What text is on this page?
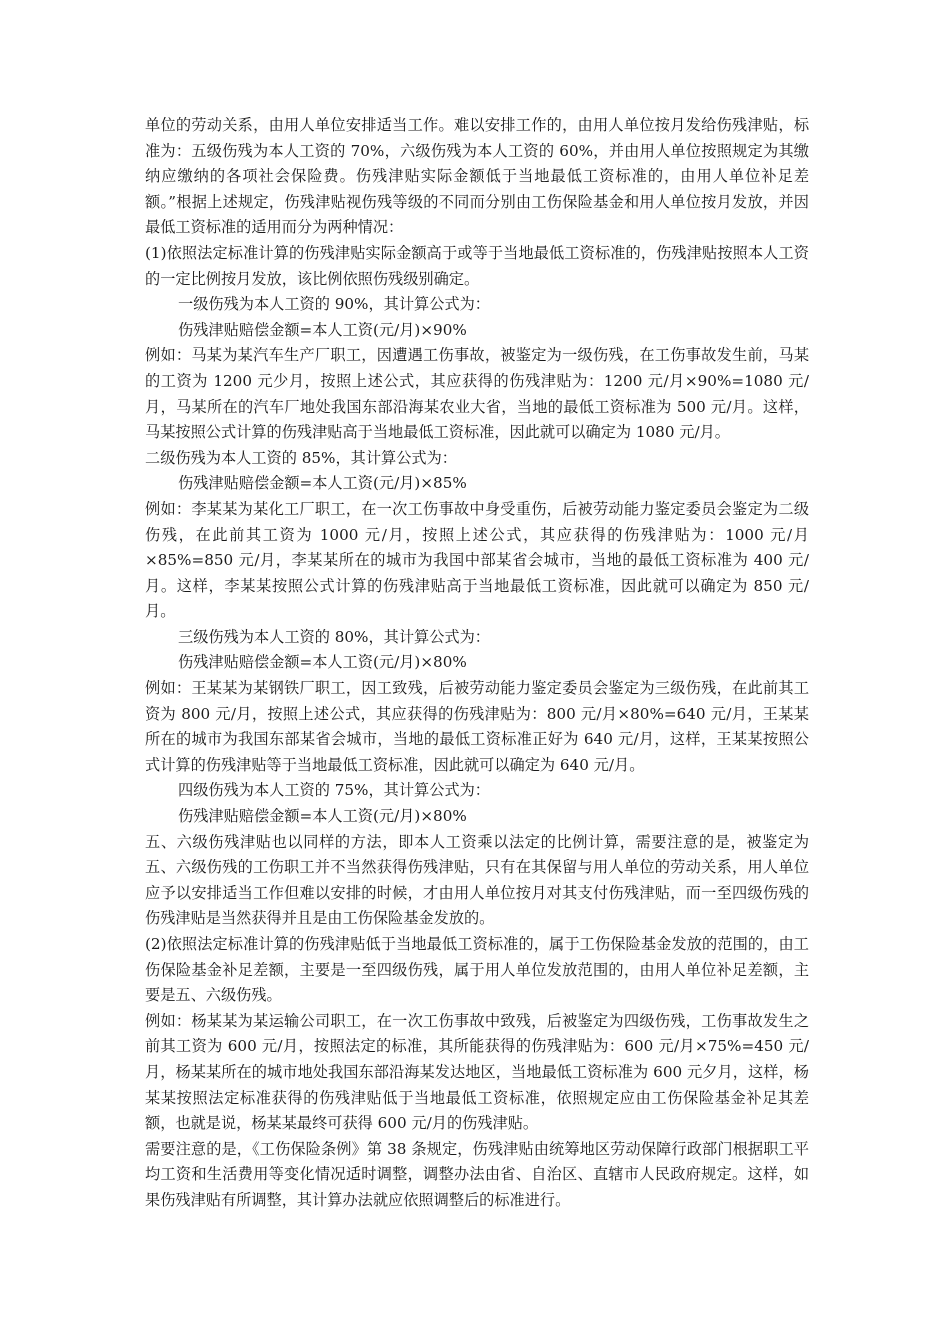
单位的劳动关系，由用人单位安排适当工作。难以安排工作的，由用人单位按月发给伤残津贴，标准为：五级伤残为本人工资的 70%，六级伤残为本人工资的 60%，并由用人单位按照规定为其缴纳应缴纳的各项社会保险费。伤残津贴实际金额低于当地最低工资标准的，由用人单位补足差额。”根据上述规定，伤残津贴视伤残等级的不同而分别由工伤保险基金和用人单位按月发放，并因最低工资标准的适用而分为两种情况：

(1)依照法定标准计算的伤残津贴实际金额高于或等于当地最低工资标准的，伤残津贴按照本人工资的一定比例按月发放，该比例依照伤残级别确定。

一级伤残为本人工资的 90%，其计算公式为：

伤残津贴赔偿金额=本人工资(元/月)×90%

例如：马某为某汽车生产厂职工，因遭遇工伤事故，被鉴定为一级伤残，在工伤事故发生前，马某的工资为 1200 元少月，按照上述公式，其应获得的伤残津贴为：1200 元/月×90%=1080 元/月，马某所在的汽车厂地处我国东部沿海某农业大省，当地的最低工资标准为 500 元/月。这样，马某按照公式计算的伤残津贴高于当地最低工资标准，因此就可以确定为 1080 元/月。

二级伤残为本人工资的 85%，其计算公式为：

伤残津贴赔偿金额=本人工资(元/月)×85%

例如：李某某为某化工厂职工，在一次工伤事故中身受重伤，后被劳动能力鉴定委员会鉴定为二级伤残，在此前其工资为 1000 元/月，按照上述公式，其应获得的伤残津贴为：1000 元/月×85%=850 元/月，李某某所在的城市为我国中部某省会城市，当地的最低工资标准为 400 元/月。这样，李某某按照公式计算的伤残津贴高于当地最低工资标准，因此就可以确定为 850 元/月。

三级伤残为本人工资的 80%，其计算公式为：

伤残津贴赔偿金额=本人工资(元/月)×80%

例如：王某某为某钢铁厂职工，因工致残，后被劳动能力鉴定委员会鉴定为三级伤残，在此前其工资为 800 元/月，按照上述公式，其应获得的伤残津贴为：800 元/月×80%=640 元/月，王某某所在的城市为我国东部某省会城市，当地的最低工资标准正好为 640 元/月，这样，王某某按照公式计算的伤残津贴等于当地最低工资标准，因此就可以确定为 640 元/月。

四级伤残为本人工资的 75%，其计算公式为：

伤残津贴赔偿金额=本人工资(元/月)×80%

五、六级伤残津贴也以同样的方法，即本人工资乘以法定的比例计算，需要注意的是，被鉴定为五、六级伤残的工伤职工并不当然获得伤残津贴，只有在其保留与用人单位的劳动关系，用人单位应予以安排适当工作但难以安排的时候，才由用人单位按月对其支付伤残津贴，而一至四级伤残的伤残津贴是当然获得并且是由工伤保险基金发放的。

(2)依照法定标准计算的伤残津贴低于当地最低工资标准的，属于工伤保险基金发放的范围的，由工伤保险基金补足差额，主要是一至四级伤残，属于用人单位发放范围的，由用人单位补足差额，主要是五、六级伤残。

例如：杨某某为某运输公司职工，在一次工伤事故中致残，后被鉴定为四级伤残，工伤事故发生之前其工资为 600 元/月，按照法定的标准，其所能获得的伤残津贴为：600 元/月×75%=450 元/月，杨某某所在的城市地处我国东部沿海某发达地区，当地最低工资标准为 600 元夕月，这样，杨某某按照法定标准获得的伤残津贴低于当地最低工资标准，依照规定应由工伤保险基金补足其差额，也就是说，杨某某最终可获得 600 元/月的伤残津贴。

需要注意的是，《工伤保险条例》第 38 条规定，伤残津贴由统筹地区劳动保障行政部门根据职工平均工资和生活费用等变化情况适时调整，调整办法由省、自治区、直辖市人民政府规定。这样，如果伤残津贴有所调整，其计算办法就应依照调整后的标准进行。
